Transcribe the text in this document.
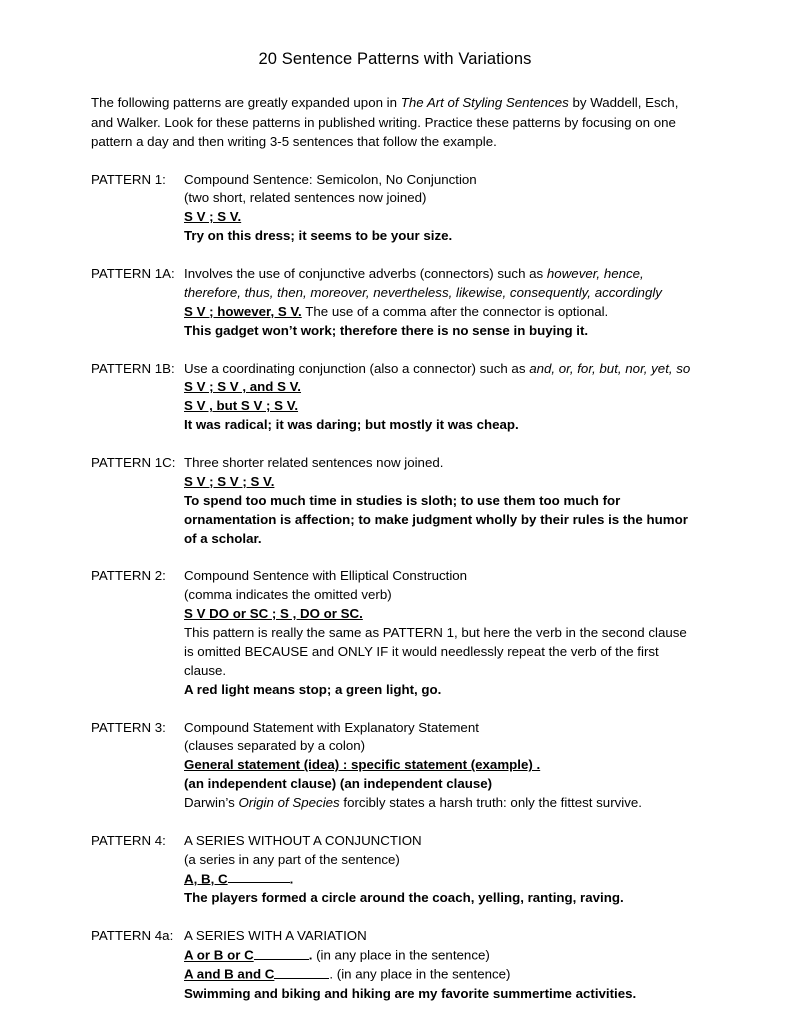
20 Sentence Patterns with Variations

The following patterns are greatly expanded upon in The Art of Styling Sentences by Waddell, Esch, and Walker. Look for these patterns in published writing. Practice these patterns by focusing on one pattern a day and then writing 3-5 sentences that follow the example.

PATTERN 1:	Compound Sentence: Semicolon, No Conjunction
(two short, related sentences now joined)
S V ; S V.
Try on this dress; it seems to be your size.
PATTERN 1A: Involves the use of conjunctive adverbs (connectors) such as however, hence, therefore, thus, then, moreover, nevertheless, likewise, consequently, accordingly
S V ; however, S V. The use of a comma after the connector is optional.
This gadget won’t work; therefore there is no sense in buying it.
PATTERN 1B: Use a coordinating conjunction (also a connector) such as and, or, for, but, nor, yet, so
S V ; S V , and S V.
S V , but S V ; S V.
It was radical; it was daring; but mostly it was cheap.
PATTERN 1C: Three shorter related sentences now joined.
S V ; S V ; S V.
To spend too much time in studies is sloth; to use them too much for ornamentation is affection; to make judgment wholly by their rules is the humor of a scholar.
PATTERN 2:	Compound Sentence with Elliptical Construction
(comma indicates the omitted verb)
S V DO or SC ; S , DO or SC.
This pattern is really the same as PATTERN 1, but here the verb in the second clause is omitted BECAUSE and ONLY IF it would needlessly repeat the verb of the first clause.
A red light means stop; a green light, go.
PATTERN 3:	Compound Statement with Explanatory Statement
(clauses separated by a colon)
General statement (idea) : specific statement (example) .
(an independent clause) (an independent clause)
Darwin’s Origin of Species forcibly states a harsh truth: only the fittest survive.
PATTERN 4:	A SERIES WITHOUT A CONJUNCTION
(a series in any part of the sentence)
A, B, C	.
The players formed a circle around the coach, yelling, ranting, raving.
PATTERN 4a: A SERIES WITH A VARIATION
A or B or C	. (in any place in the sentence)
A and B and C	. (in any place in the sentence)
Swimming and biking and hiking are my favorite summertime activities.
